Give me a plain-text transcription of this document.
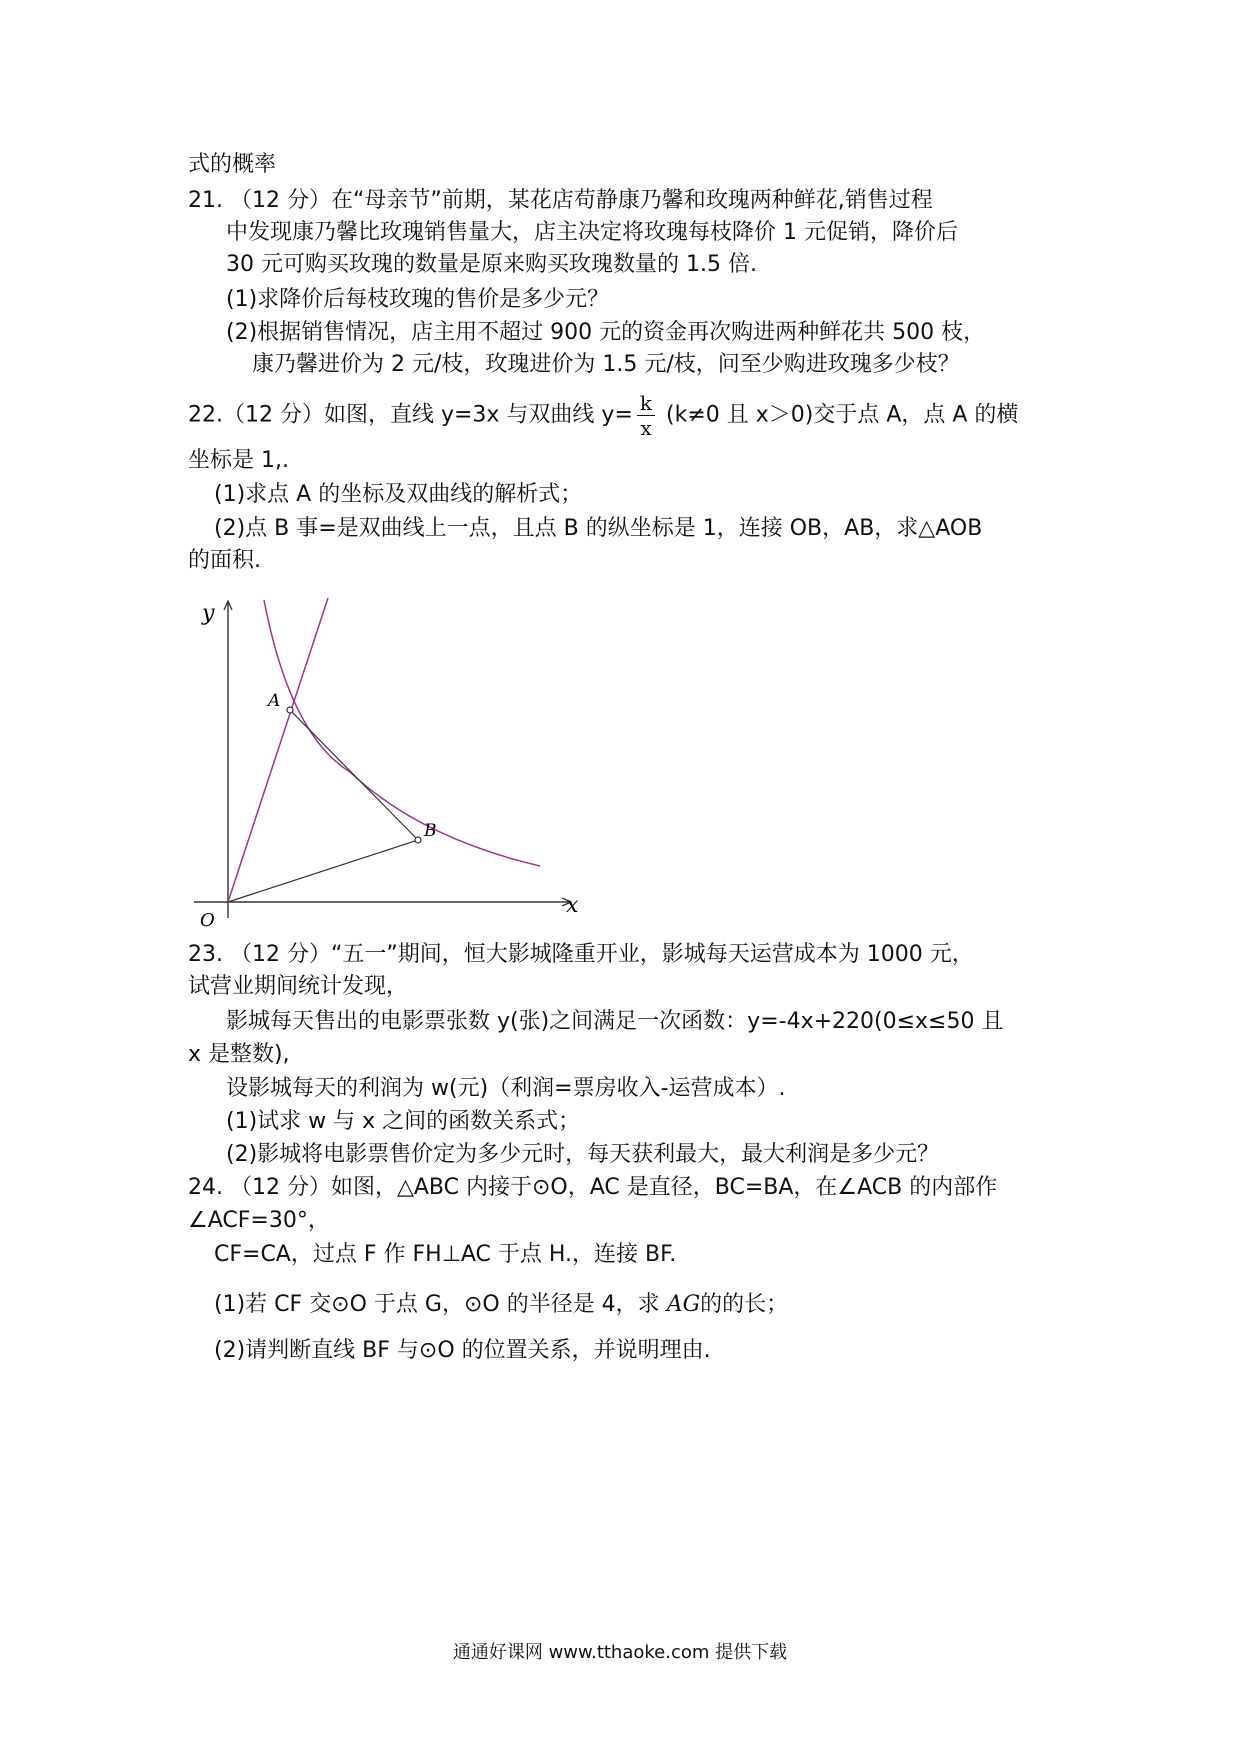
式的概率
21. （12 分）在“母亲节”前期，某花店苟静康乃馨和玫瑰两种鲜花,销售过程
中发现康乃馨比玫瑰销售量大，店主决定将玫瑰每枝降价 1 元促销，降价后
30 元可购买玫瑰的数量是原来购买玫瑰数量的 1.5 倍.
(1)求降价后每枝玫瑰的售价是多少元？
(2)根据销售情况，店主用不超过 900 元的资金再次购进两种鲜花共 500 枝，
康乃馨进价为 2 元/枝，玫瑰进价为 1.5 元/枝，问至少购进玫瑰多少枝？
22.（12 分）如图，直线 y=3x 与双曲线 $y= \frac{k}{x} (k\ne 0$ 且 x＞0)交于点 A，点 A 的横
坐标是 1,.
(1)求点 A 的坐标及双曲线的解析式；
(2)点 B 事=是双曲线上一点，且点 B 的纵坐标是 1，连接 OB，AB，求△AOB
的面积.
y
x
O
A
B
23. （12 分）“五一”期间，恒大影城隆重开业，影城每天运营成本为 1000 元，
试营业期间统计发现，
影城每天售出的电影票张数 y(张)之间满足一次函数：y=-4x+220(0≤x≤50 且
x 是整数),
设影城每天的利润为 w(元)（利润=票房收入-运营成本）.
(1)试求 w 与 x 之间的函数关系式；
(2)影城将电影票售价定为多少元时，每天获利最大，最大利润是多少元？
24. （12 分）如图，△ABC 内接于⊙O，AC 是直径，BC=BA，在∠ACB 的内部作
∠ACF=30°，
CF=CA，过点 F 作 FH⊥AC 于点 H.，连接 BF.
(1)若 CF 交⊙O 于点 G，⊙O 的半径是 4，求 AG的的长；
(2)请判断直线 BF 与⊙O 的位置关系，并说明理由.
通通好课网 www.tthaoke.com 提供下载
